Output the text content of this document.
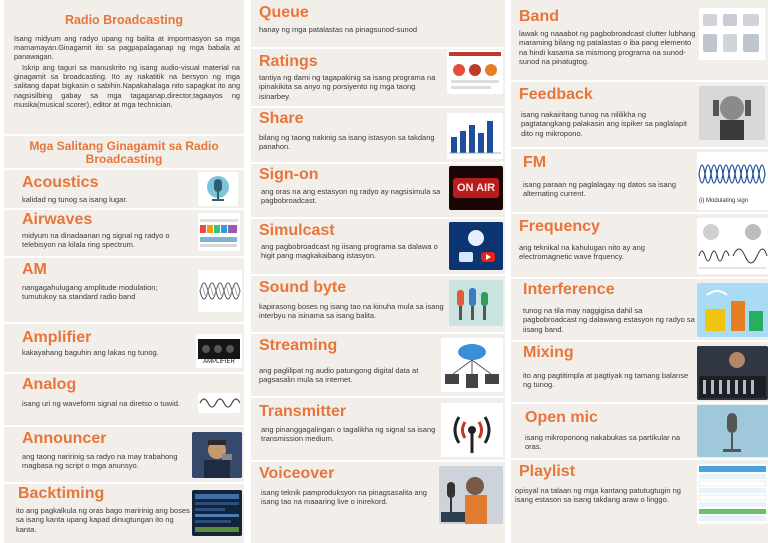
Radio Broadcasting
Isang midyum ang radyo upang ng balita at impormasyon sa mga mamamayan.Ginagamit ito sa pagpapalaganap ng mga babala at panawagan.
Iskrip ang taguri sa manuskrito ng isang audio-visual material na ginagamit sa broadcasting. Ito ay nakatitik na bersyon ng mga salitang dapat bigkasin o sabihin.Napakahalaga nito sapagkat ito ang nagsisilbing gabay sa mga tagaganap,director,tagaayos ng musika(musical scorer), editor at mga technician.
Mga Salitang Ginagamit sa Radio Broadcasting
Acoustics
kalidad ng tunog sa isang lugar.
Airwaves
midyum na dinadaanan ng signal ng radyo o telebisyon na kilala ring spectrum.
AM
nangagahulugang amplitude modulation; tumutukoy sa standard radio band
Amplifier
kakayahang baguhin ang lakas ng tunog.
AMPLIFIER
Analog
isang uri ng waveform signal na diretso o tuwid.
Announcer
ang taong naririnig sa radyo na may trabahong magbasa ng script o mga anunsyo.
Backtiming
ito ang pagkalkula ng oras bago maririnig ang boses sa isang kanta upang kapad dinugtungan ito ng kanta.
Queue
hanay ng mga patalastas na pinagsunod-sunod
Ratings
tantiya ng dami ng tagapakinig sa isang programa na ipinakikita sa anyo ng porsiyento ng mga taong isinarbey.
Share
bilang ng taong nakinig sa isang istasyon sa takdang panahon.
Sign-on
ang oras na ang estasyon ng radyo ay nagsisimula sa pagbobroadcast.
ON AIR
Simulcast
ang pagbobroadcast ng iisang programa sa dalawa o higit pang magkakaibang istasyon.
Sound byte
kapirasong boses ng isang tao na kinuha mula sa isang interbyu na isinama sa isang balita.
Streaming
ang paglilipat ng audio patungong digital data at pagsasalin mula sa internet.
Transmitter
ang pinanggagalingan o tagalikha ng signal sa isang transmission medium.
Voiceover
isang teknik pamproduksyon na pinagsasalita ang isang tao na maaaring live o inirekord.
Band
lawak ng naaabot ng pagbobroadcast clutter lubhang maraming bilang ng patalastas o iba pang elemento na hindi kasama sa mismong programa na sunod-sunod na pinatugtog.
Feedback
isang nakairitang tunog na nililikha ng pagtatangkang palakasin ang ispiker sa paglalapit dito ng mikropono.
FM
isang paraan ng paglalagay ng datos sa isang alternating current.
(i) Modulating sign
Frequency
ang teknikal na kahulugan nito ay ang electromagnetic wave frquency.
Interference
tunog na tila may naggigisa dahil sa pagbobroadcast ng dalawang estasyon ng radyo sa iisang band.
Mixing
ito ang pagtitimpla at pagtiyak ng tamang balanse ng tunog.
Open mic
isang mikroponong nakabukas sa partikular na oras.
Playlist
opisyal na talaan ng mga kantang patutugtugin ng isang estason sa isang takdang araw o linggo.
